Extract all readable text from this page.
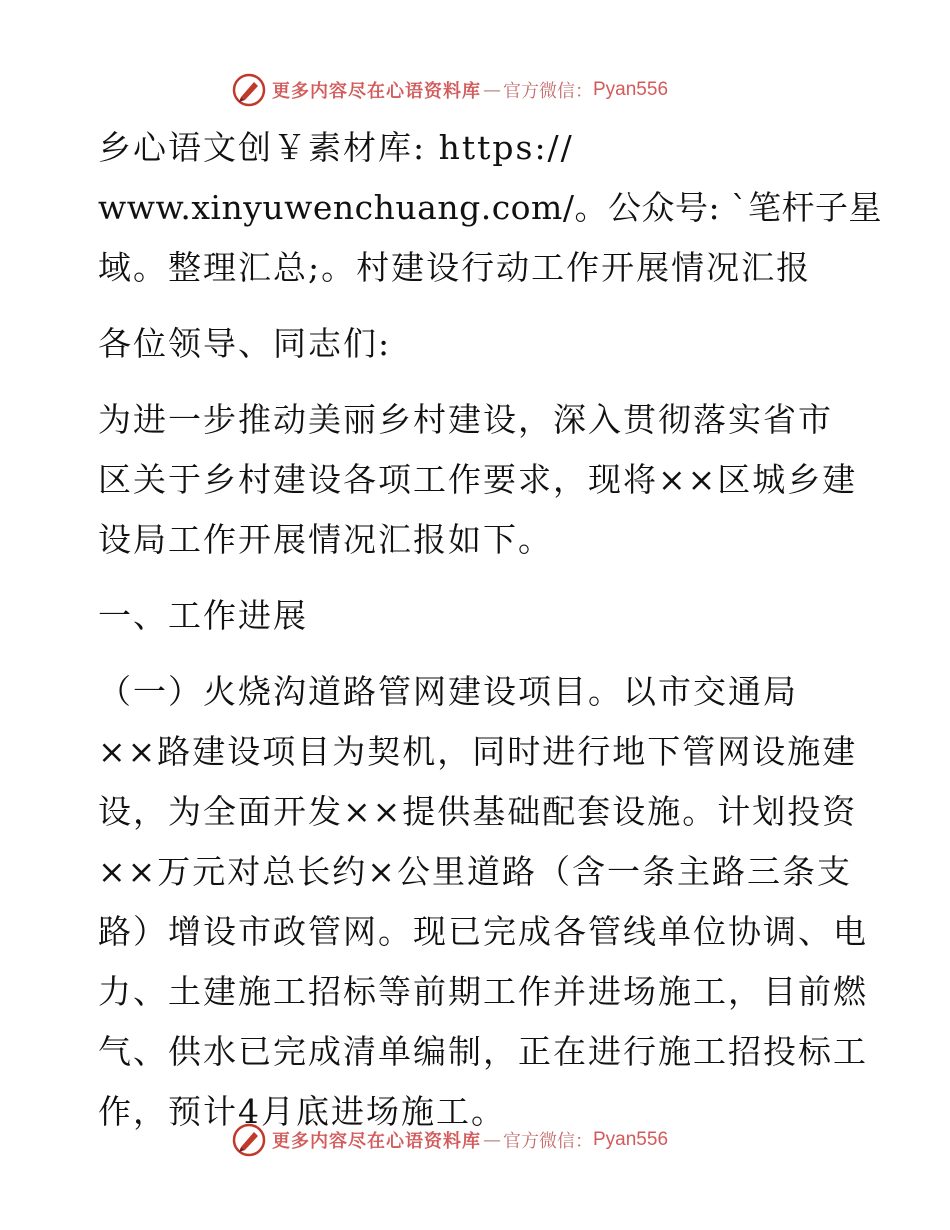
更多内容尽在心语资料库 — 官方微信： Pyan556
乡心语文创￥素材库: https://
www.xinyuwenchuang.com/。公众号: `笔杆子星
域。整理汇总;。村建设行动工作开展情况汇报
各位领导、同志们:
为进一步推动美丽乡村建设，深入贯彻落实省市
区关于乡村建设各项工作要求，现将××区城乡建
设局工作开展情况汇报如下。
一、工作进展
（一）火烧沟道路管网建设项目。以市交通局
××路建设项目为契机，同时进行地下管网设施建
设，为全面开发××提供基础配套设施。计划投资
××万元对总长约×公里道路（含一条主路三条支
路）增设市政管网。现已完成各管线单位协调、电
力、土建施工招标等前期工作并进场施工，目前燃
气、供水已完成清单编制，正在进行施工招投标工
作，预计4月底进场施工。
更多内容尽在心语资料库 — 官方微信： Pyan556
